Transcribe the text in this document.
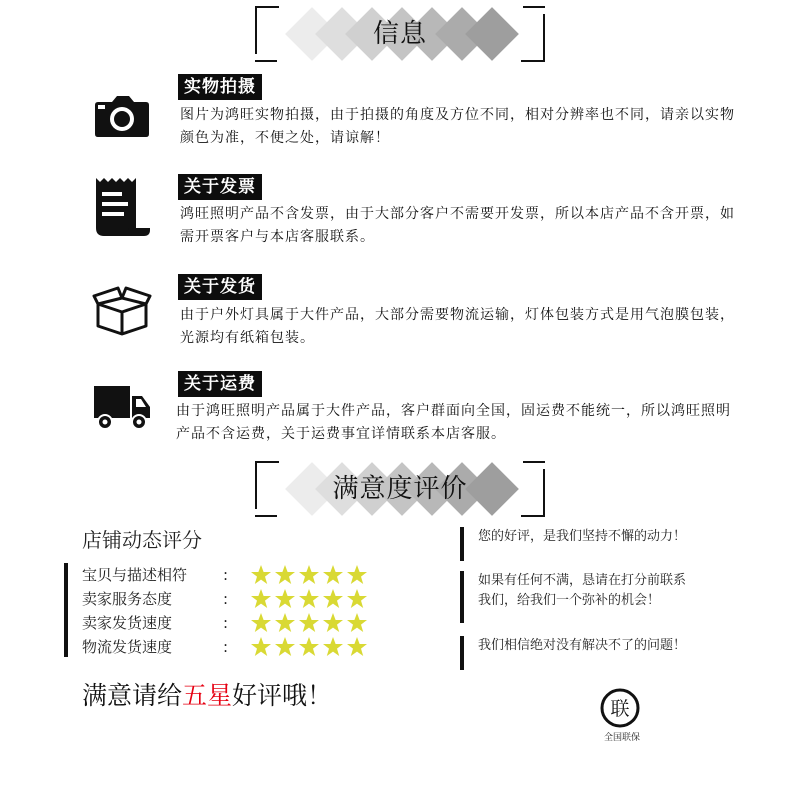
信息
实物拍摄
图片为鸿旺实物拍摄，由于拍摄的角度及方位不同，相对分辨率也不同，请亲以实物颜色为准，不便之处，请谅解！
关于发票
鸿旺照明产品不含发票，由于大部分客户不需要开发票，所以本店产品不含开票，如需开票客户与本店客服联系。
关于发货
由于户外灯具属于大件产品，大部分需要物流运输，灯体包装方式是用气泡膜包装，光源均有纸箱包装。
关于运费
由于鸿旺照明产品属于大件产品，客户群面向全国，固运费不能统一，所以鸿旺照明产品不含运费，关于运费事宜详情联系本店客服。
满意度评价
店铺动态评分
宝贝与描述相符 :
卖家服务态度	:
卖家发货速度	:
物流发货速度	:
满意请给五星好评哦！
您的好评，是我们坚持不懈的动力！
如果有任何不满，恳请在打分前联系我们，给我们一个弥补的机会！
我们相信绝对没有解决不了的问题！
联
全国联保
